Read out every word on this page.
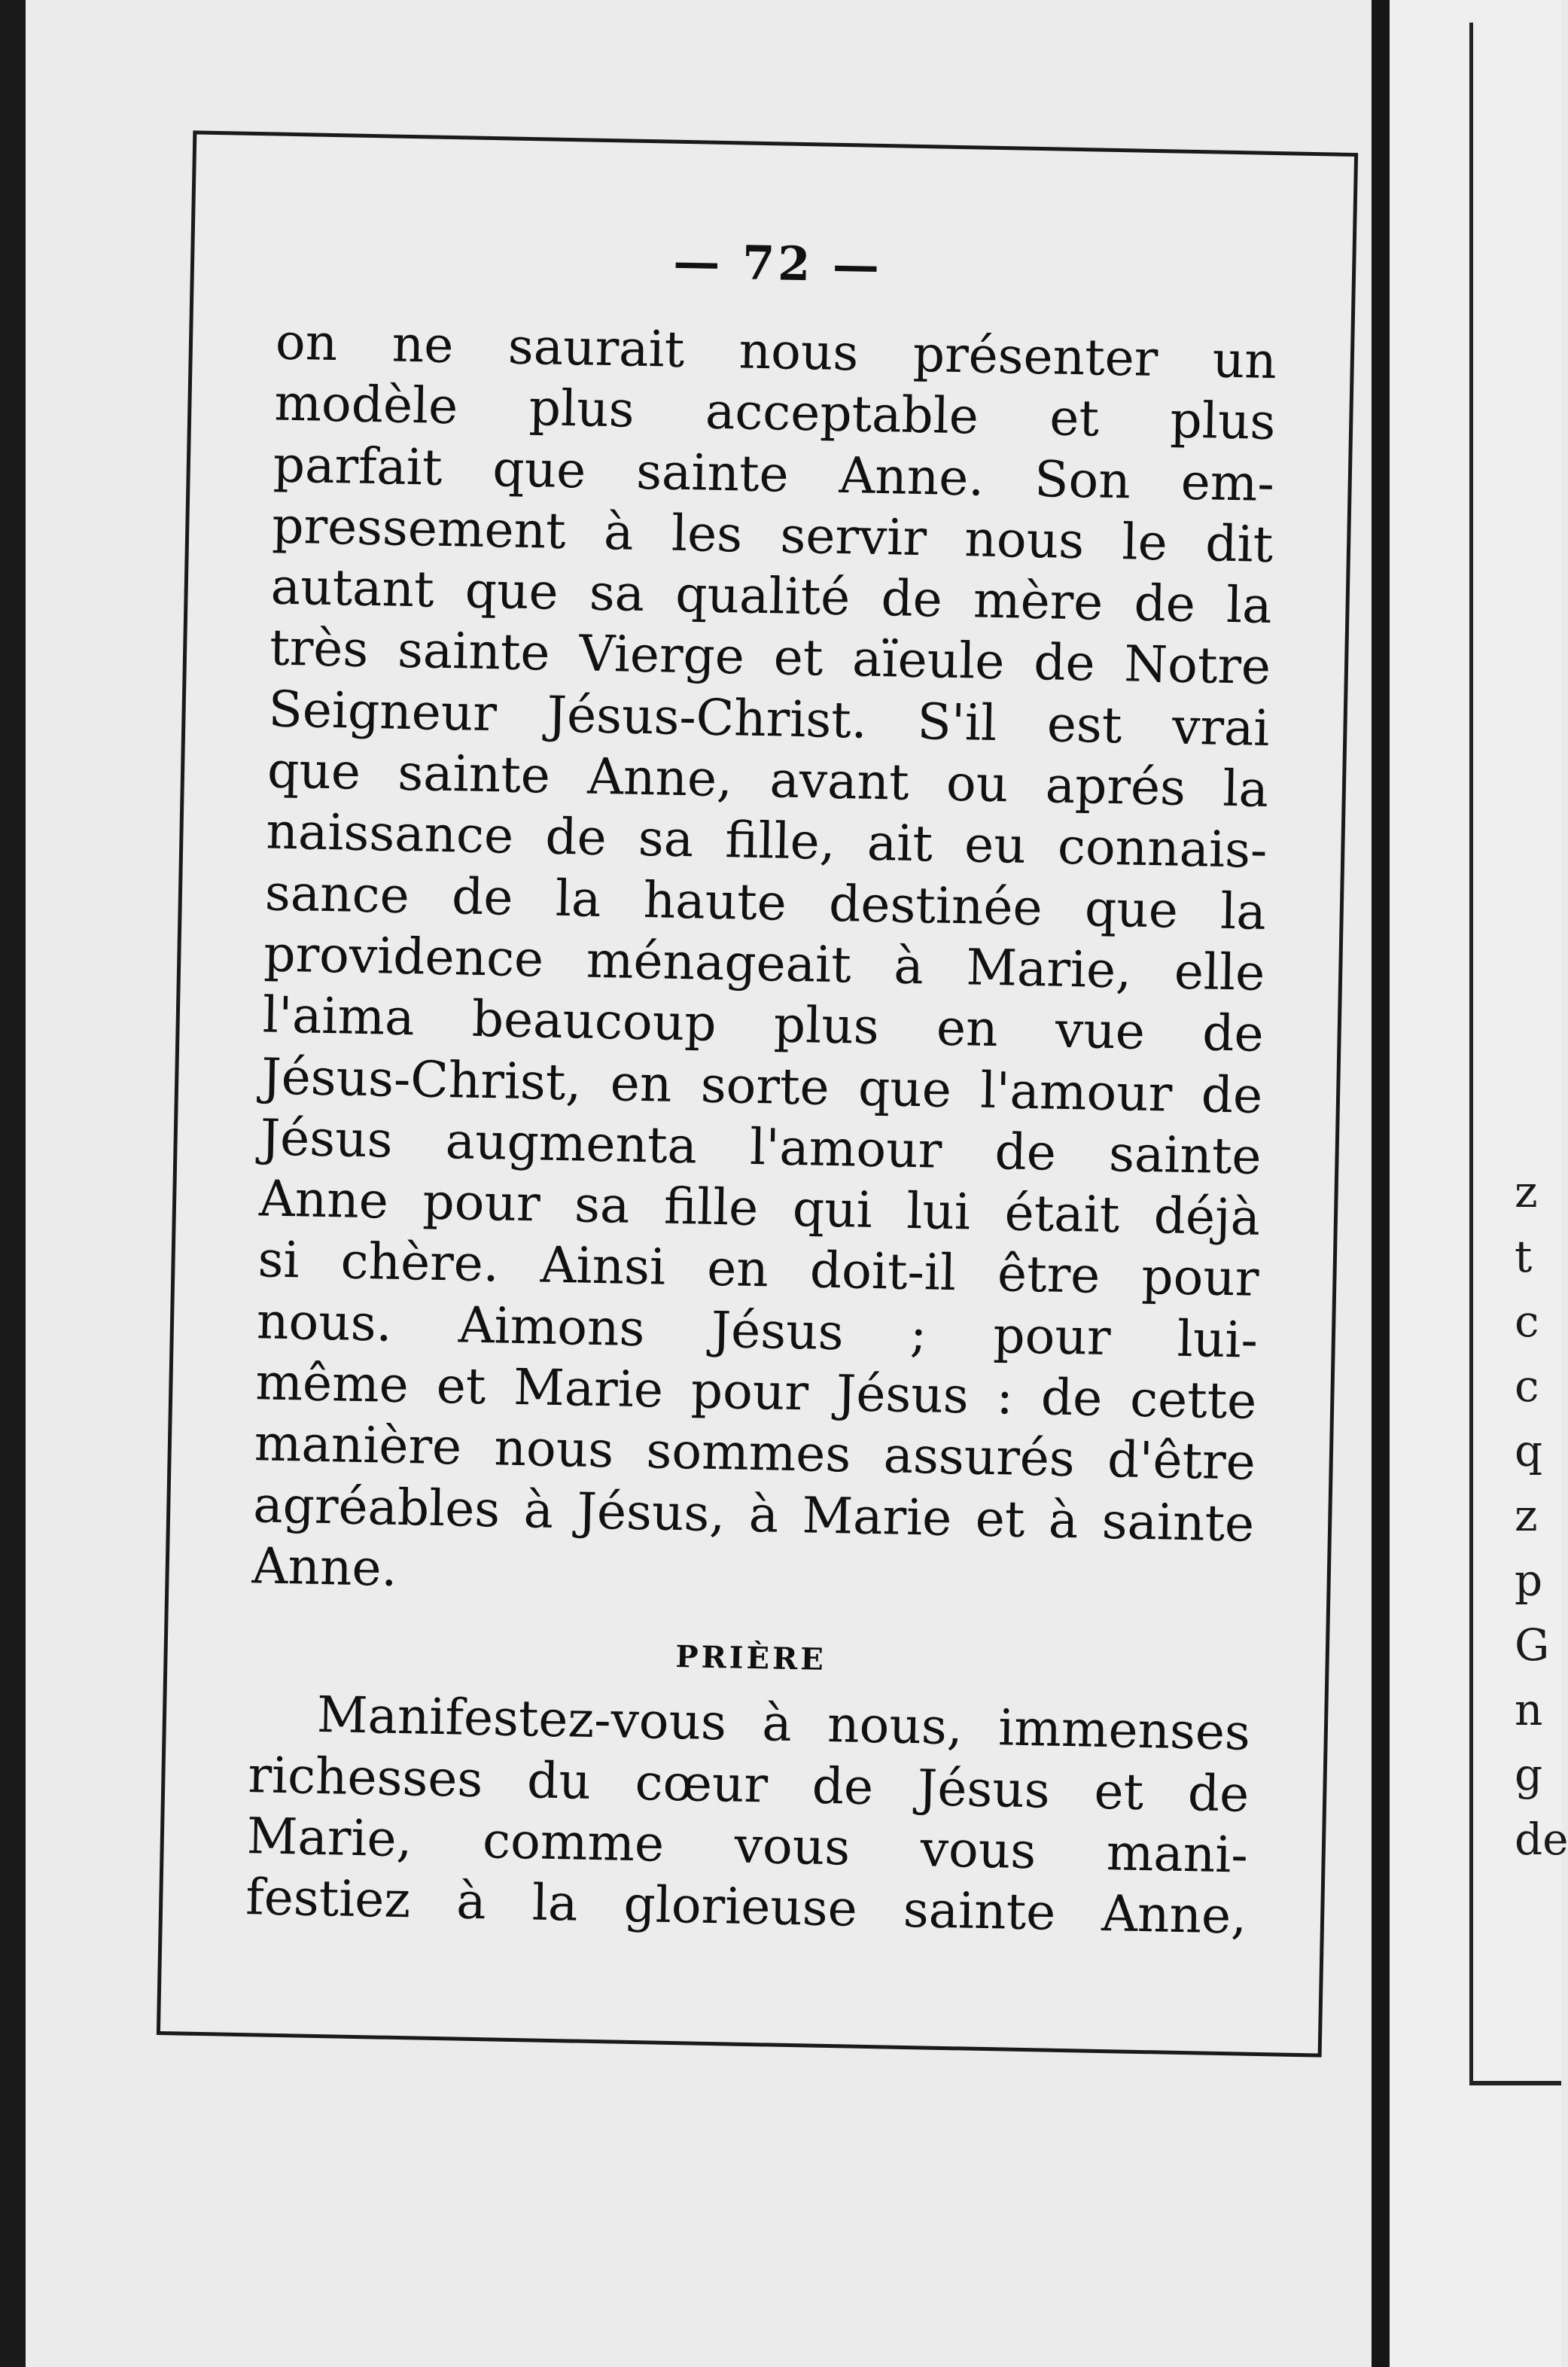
z
t
c
c
q
z
p
G
n
g
de
— 72 —
on ne saurait nous présenter un
modèle plus acceptable et plus
parfait que sainte Anne. Son em-
pressement à les servir nous le dit
autant que sa qualité de mère de la
très sainte Vierge et aïeule de Notre
Seigneur Jésus-Christ. S'il est vrai
que sainte Anne, avant ou aprés la
naissance de sa fille, ait eu connais-
sance de la haute destinée que la
providence ménageait à Marie, elle
l'aima beaucoup plus en vue de
Jésus-Christ, en sorte que l'amour de
Jésus augmenta l'amour de sainte
Anne pour sa fille qui lui était déjà
si chère. Ainsi en doit-il être pour
nous. Aimons Jésus ; pour lui-
même et Marie pour Jésus : de cette
manière nous sommes assurés d'être
agréables à Jésus, à Marie et à sainte
Anne.
PRIÈRE
Manifestez-vous à nous, immenses
richesses du cœur de Jésus et de
Marie, comme vous vous mani-
festiez à la glorieuse sainte Anne,
